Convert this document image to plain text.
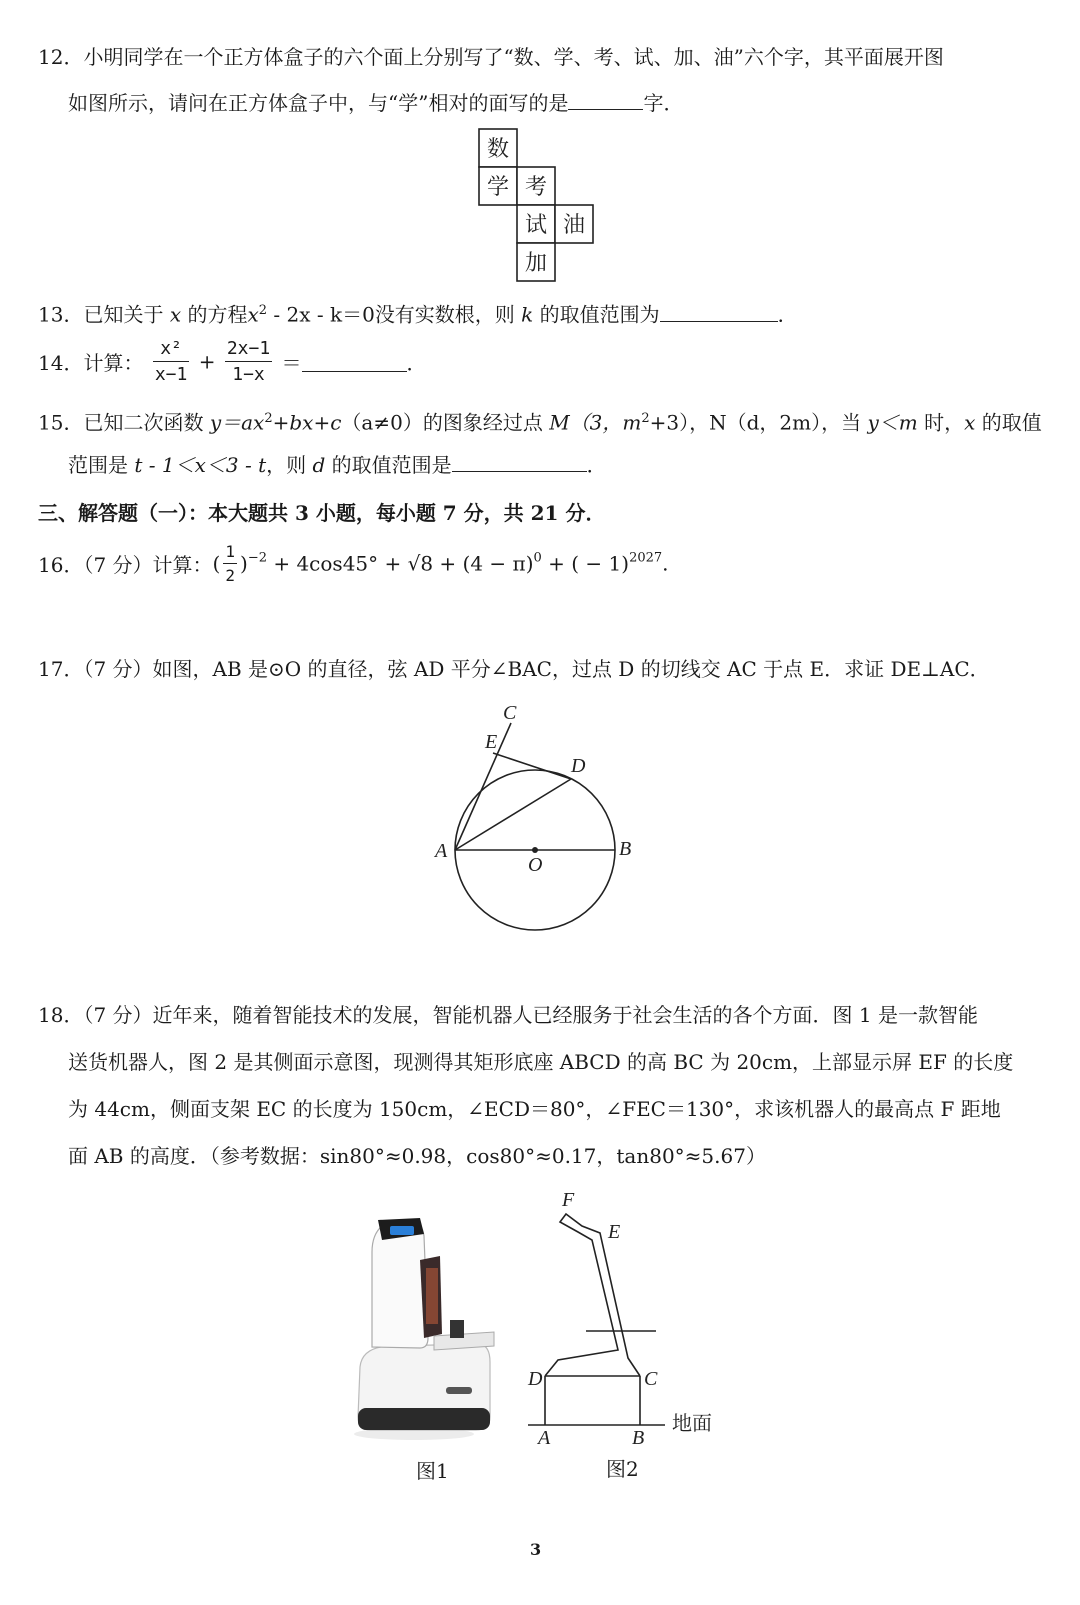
12．小明同学在一个正方体盒子的六个面上分别写了“数、学、考、试、加、油”六个字，其平面展开图
如图所示，请问在正方体盒子中，与“学”相对的面写的是	字．
数
学 考
试 油
加
13．已知关于 x 的方程$x^2 - 2x - k=0$没有实数根，则 k 的取值范围为	．
14．计算： $\frac{\text{x²}}{x-1} + \frac{2x-1}{1-x}$ ＝	．
15．已知二次函数 $y=ax^2+bx+c(a\ne 0)$的图象经过点 M（3，$m^2+3$），N（d，2m），当 y＜m 时，x 的取值
范围是 t - 1＜x＜3 - t，则 d 的取值范围是	．
三、解答题（一）：本大题共 3 小题，每小题 7 分，共 21 分．
16．（7 分）计算：( $\frac{1}{2} )^{-2} + 4\cos 45^\circ + √8 + (4 - \pi)^0$ + ( − 1)$^{2027}$.
17．（7 分）如图，AB 是⊙O 的直径，弦 AD 平分∠BAC，过点 D 的切线交 AC 于点 E．求证 DE⊥AC．
C
E
D
A
O
B
18．（7 分）近年来，随着智能技术的发展，智能机器人已经服务于社会生活的各个方面．图 1 是一款智能
送货机器人，图 2 是其侧面示意图，现测得其矩形底座 ABCD 的高 BC 为 20cm，上部显示屏 EF 的长度
为 44cm，侧面支架 EC 的长度为 150cm，∠ECD＝80°，∠FEC＝130°，求该机器人的最高点 F 距地
面 AB 的高度．（参考数据：sin80°≈0.98，cos80°≈0.17，tan80°≈5.67）
F
E
D	C
A	B
地面
图1	图2
3
